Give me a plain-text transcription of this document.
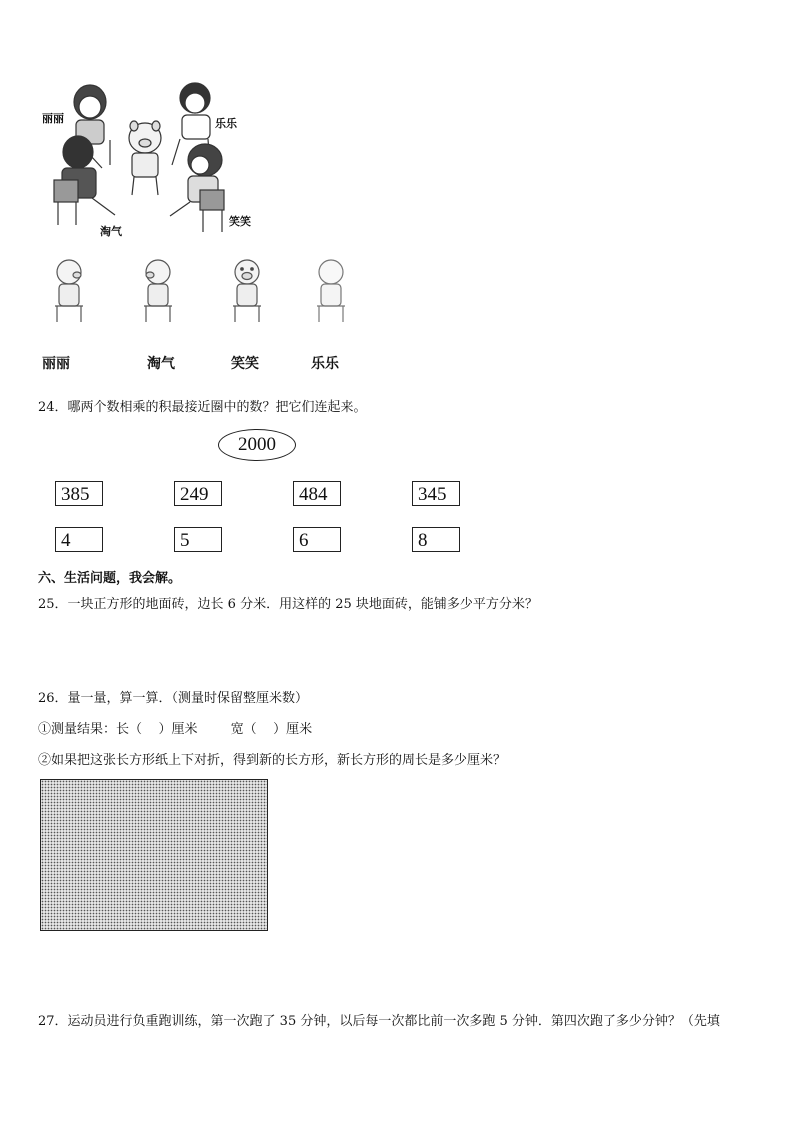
丽丽	乐乐
淘气
笑笑
丽丽	淘气	笑笑	乐乐
24．哪两个数相乘的积最接近圈中的数？把它们连起来。
2000
385	249	484	345
4	5	6	8
六、生活问题，我会解。
25．一块正方形的地面砖，边长 6 分米．用这样的 25 块地面砖，能铺多少平方分米？
26．量一量，算一算．（测量时保留整厘米数）
①测量结果：长（    ）厘米        宽（    ）厘米
②如果把这张长方形纸上下对折，得到新的长方形，新长方形的周长是多少厘米？
27．运动员进行负重跑训练，第一次跑了 35 分钟，以后每一次都比前一次多跑 5 分钟．第四次跑了多少分钟？（先填
